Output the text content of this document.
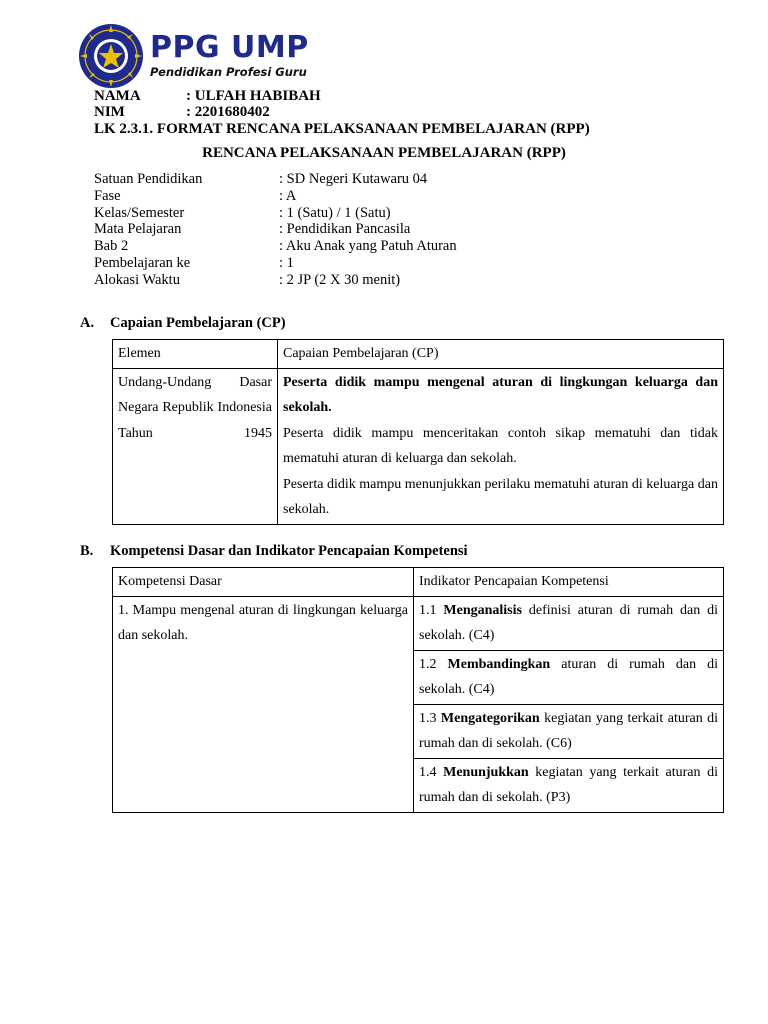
PPG UMP
Pendidikan Profesi Guru
NAMA	: ULFAH HABIBAH
NIM	: 2201680402
LK 2.3.1. FORMAT RENCANA PELAKSANAAN PEMBELAJARAN (RPP)
RENCANA PELAKSANAAN PEMBELAJARAN (RPP)
Satuan Pendidikan	: SD Negeri Kutawaru 04
Fase	: A
Kelas/Semester	: 1 (Satu) / 1 (Satu)
Mata Pelajaran	: Pendidikan Pancasila
Bab 2	: Aku Anak yang Patuh Aturan
Pembelajaran ke	: 1
Alokasi Waktu	: 2 JP (2 X 30 menit)
A. Capaian Pembelajaran (CP)
Elemen	Capaian Pembelajaran (CP)
Undang-Undang Dasar Negara Republik Indonesia Tahun 1945	Peserta didik mampu mengenal aturan di lingkungan keluarga dan sekolah.

Peserta didik mampu menceritakan contoh sikap mematuhi dan tidak mematuhi aturan di keluarga dan sekolah.

Peserta didik mampu menunjukkan perilaku mematuhi aturan di keluarga dan sekolah.

B. Kompetensi Dasar dan Indikator Pencapaian Kompetensi
Kompetensi Dasar	Indikator Pencapaian Kompetensi
1. Mampu mengenal aturan di lingkungan keluarga dan sekolah.	1.1 Menganalisis definisi aturan di rumah dan di sekolah. (C4)
	1.2 Membandingkan aturan di rumah dan di sekolah. (C4)
	1.3 Mengategorikan kegiatan yang terkait aturan di rumah dan di sekolah. (C6)
	1.4 Menunjukkan kegiatan yang terkait aturan di rumah dan di sekolah. (P3)
